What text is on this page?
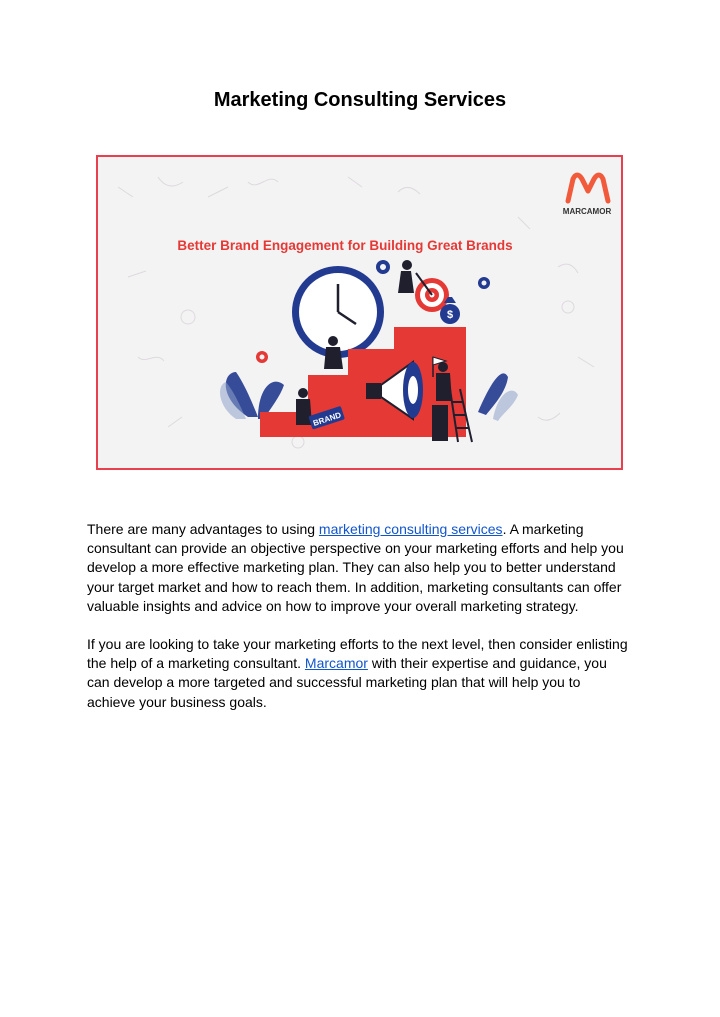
Marketing Consulting Services
MARCAMOR
Better Brand Engagement for Building Great Brands
$
BRAND

There are many advantages to using marketing consulting services. A marketing consultant can provide an objective perspective on your marketing efforts and help you develop a more effective marketing plan. They can also help you to better understand your target market and how to reach them. In addition, marketing consultants can offer valuable insights and advice on how to improve your overall marketing strategy.

If you are looking to take your marketing efforts to the next level, then consider enlisting the help of a marketing consultant. Marcamor with their expertise and guidance, you can develop a more targeted and successful marketing plan that will help you to achieve your business goals.
